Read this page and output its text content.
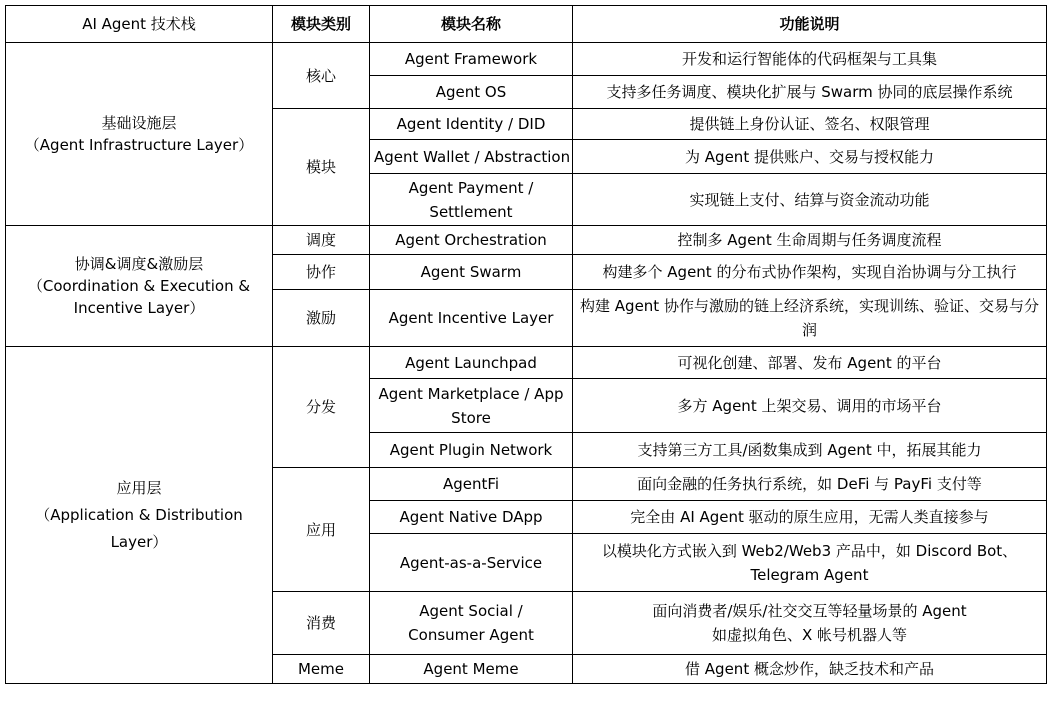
AI Agent 技术栈	模块类别	模块名称	功能说明

基础设施层
（Agent Infrastructure Layer）	核心	Agent Framework	开发和运行智能体的代码框架与工具集
		Agent OS	支持多任务调度、模块化扩展与 Swarm 协同的底层操作系统
	模块	Agent Identity / DID	提供链上身份认证、签名、权限管理
		Agent Wallet / Abstraction	为 Agent 提供账户、交易与授权能力
		Agent Payment / Settlement	实现链上支付、结算与资金流动功能

协调&调度&激励层
（Coordination & Execution &
Incentive Layer）	调度	Agent Orchestration	控制多 Agent 生命周期与任务调度流程
	协作	Agent Swarm	构建多个 Agent 的分布式协作架构，实现自治协调与分工执行
	激励	Agent Incentive Layer	构建 Agent 协作与激励的链上经济系统，实现训练、验证、交易与分润

应用层
（Application & Distribution Layer）	分发	Agent Launchpad	可视化创建、部署、发布 Agent 的平台
		Agent Marketplace / App Store	多方 Agent 上架交易、调用的市场平台
		Agent Plugin Network	支持第三方工具/函数集成到 Agent 中，拓展其能力
	应用	AgentFi	面向金融的任务执行系统，如 DeFi 与 PayFi 支付等
		Agent Native DApp	完全由 AI Agent 驱动的原生应用，无需人类直接参与
		Agent-as-a-Service	以模块化方式嵌入到 Web2/Web3 产品中，如 Discord Bot、Telegram Agent
	消费	Agent Social / Consumer Agent	面向消费者/娱乐/社交交互等轻量场景的 Agent
如虚拟角色、X 帐号机器人等

	Meme	Agent Meme	借 Agent 概念炒作，缺乏技术和产品
